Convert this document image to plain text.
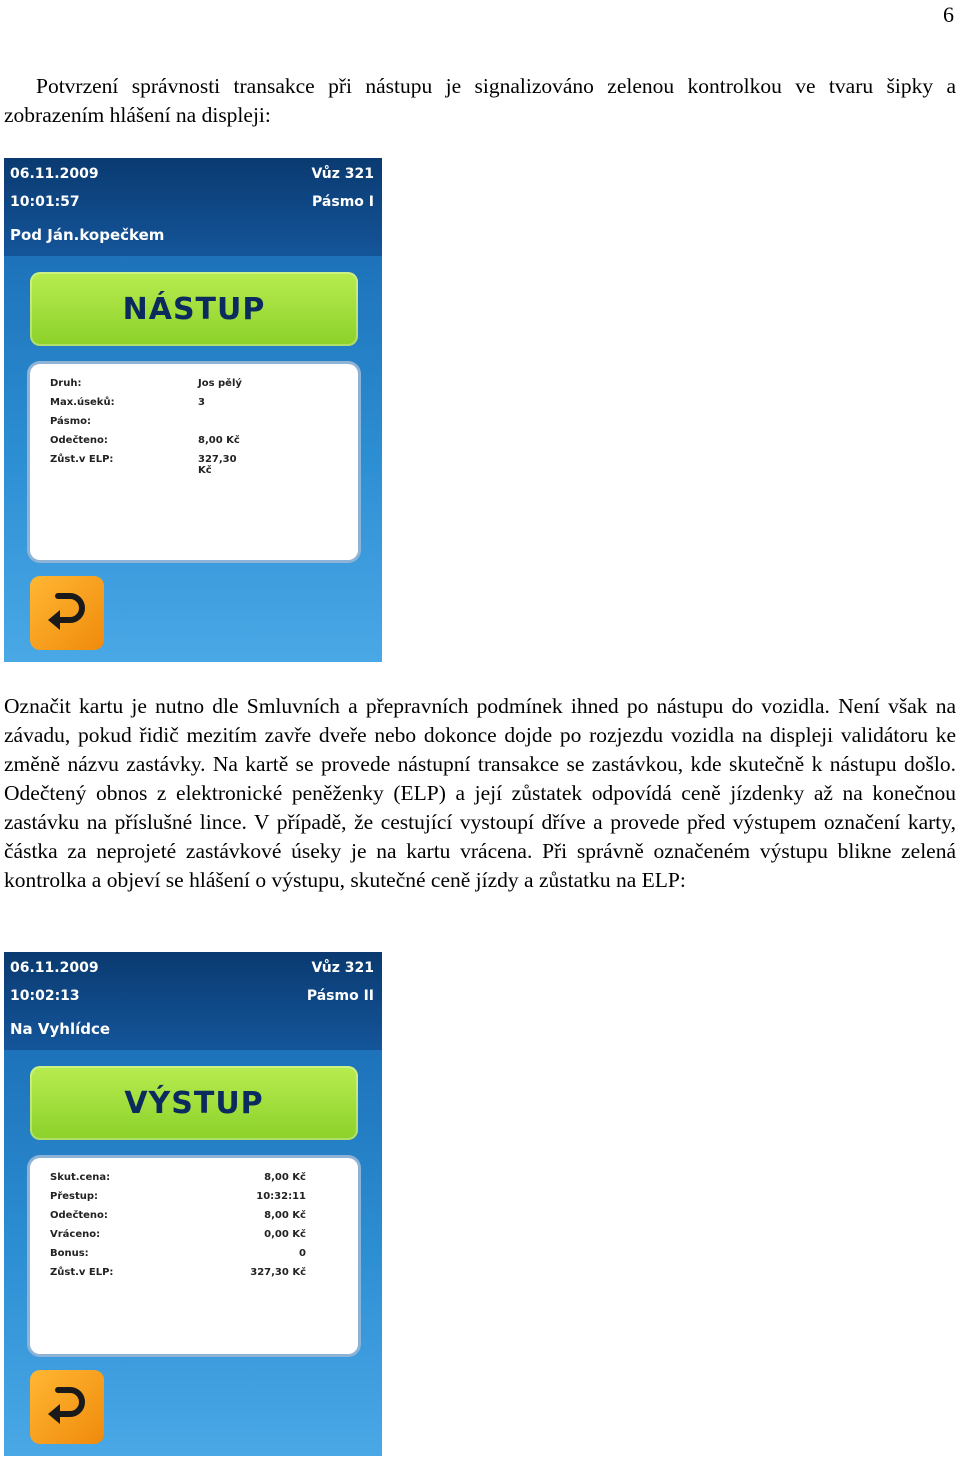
6

Potvrzení správnosti transakce při nástupu je signalizováno zelenou kontrolkou ve tvaru šipky a zobrazením hlášení na displeji:

06.11.2009
10:01:57
Pod Ján.kopečkem
Vůz 321
Pásmo I
NÁSTUP
Druh:	Jos pělý
Max.úseků:	3
Pásmo:
Odečteno:	8,00 Kč
Zůst.v ELP:	327,30 Kč

Označit kartu je nutno dle Smluvních a přepravních podmínek ihned po nástupu do vozidla. Není však na závadu, pokud řidič mezitím zavře dveře nebo dokonce dojde po rozjezdu vozidla na displeji validátoru ke změně názvu zastávky. Na kartě se provede nástupní transakce se zastávkou, kde skutečně k nástupu došlo. Odečtený obnos z elektronické peněženky (ELP) a její zůstatek odpovídá ceně jízdenky až na konečnou zastávku na příslušné lince. V případě, že cestující vystoupí dříve a provede před výstupem označení karty, částka za neprojeté zastávkové úseky je na kartu vrácena. Při správně označeném výstupu blikne zelená kontrolka a objeví se hlášení o výstupu, skutečné ceně jízdy a zůstatku na ELP:

06.11.2009
10:02:13
Na Vyhlídce
Vůz 321
Pásmo II
VÝSTUP
Skut.cena:	8,00 Kč
Přestup:	10:32:11
Odečteno:	8,00 Kč
Vráceno:	0,00 Kč
Bonus:	0
Zůst.v ELP:	327,30 Kč
